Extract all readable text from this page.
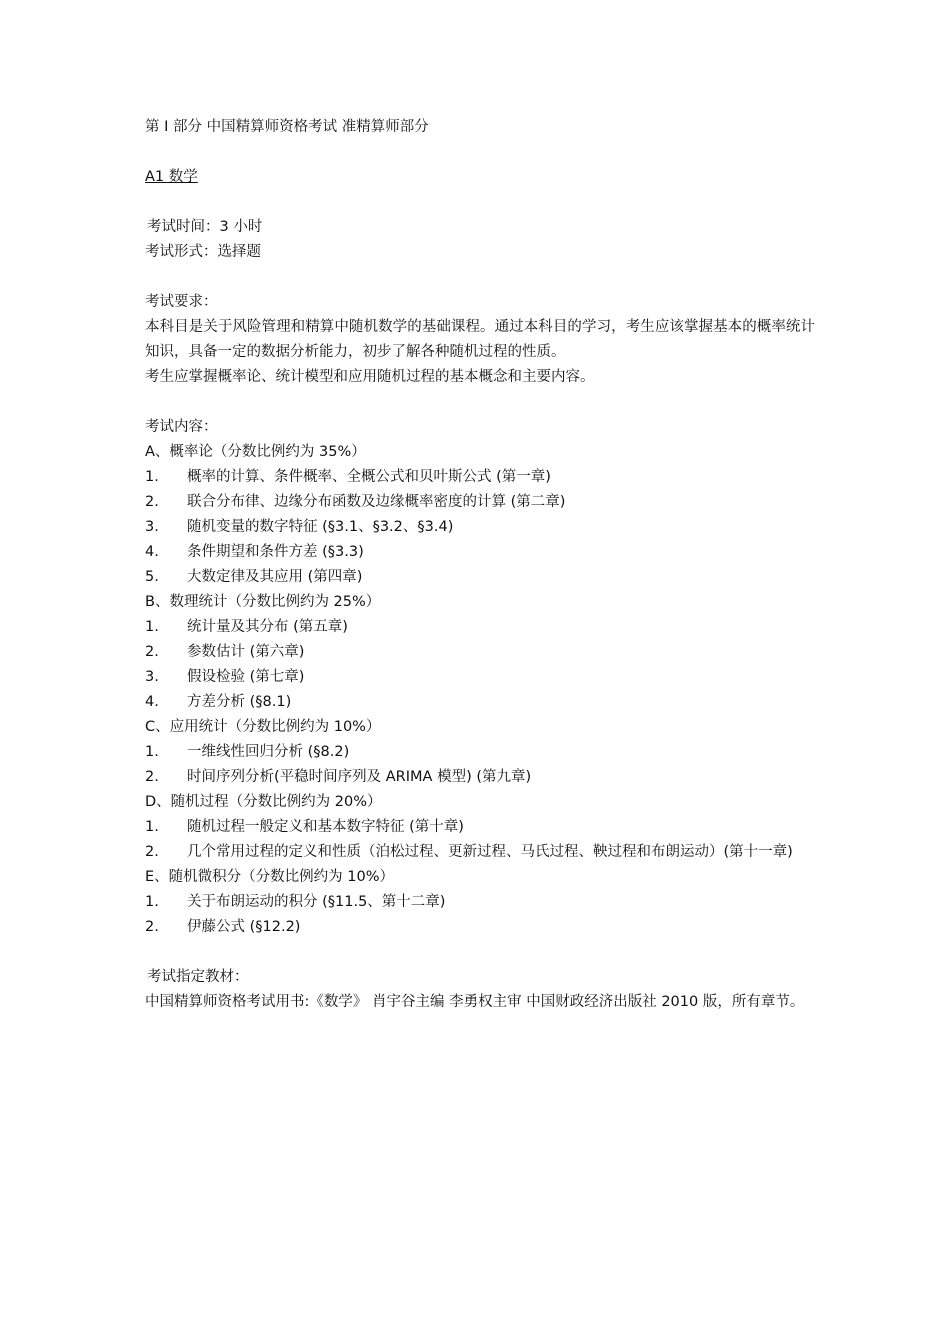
第 I 部分 中国精算师资格考试 准精算师部分
A1 数学
考试时间：3 小时
考试形式：选择题
考试要求：
本科目是关于风险管理和精算中随机数学的基础课程。通过本科目的学习，考生应该掌握基本的概率统计知识，具备一定的数据分析能力，初步了解各种随机过程的性质。
考生应掌握概率论、统计模型和应用随机过程的基本概念和主要内容。
考试内容：
A、概率论（分数比例约为 35%）
1. 概率的计算、条件概率、全概公式和贝叶斯公式 (第一章)
2. 联合分布律、边缘分布函数及边缘概率密度的计算 (第二章)
3. 随机变量的数字特征 (§3.1、§3.2、§3.4)
4. 条件期望和条件方差 (§3.3)
5. 大数定律及其应用 (第四章)
B、数理统计（分数比例约为 25%）
1. 统计量及其分布 (第五章)
2. 参数估计 (第六章)
3. 假设检验 (第七章)
4. 方差分析 (§8.1)
C、应用统计（分数比例约为 10%）
1. 一维线性回归分析 (§8.2)
2. 时间序列分析(平稳时间序列及 ARIMA 模型) (第九章)
D、随机过程（分数比例约为 20%）
1. 随机过程一般定义和基本数字特征 (第十章)
2. 几个常用过程的定义和性质（泊松过程、更新过程、马氏过程、鞅过程和布朗运动）(第十一章)
E、随机微积分（分数比例约为 10%）
1. 关于布朗运动的积分 (§11.5、第十二章)
2. 伊藤公式 (§12.2)
考试指定教材：
中国精算师资格考试用书:《数学》 肖宇谷主编 李勇权主审 中国财政经济出版社 2010 版，所有章节。
